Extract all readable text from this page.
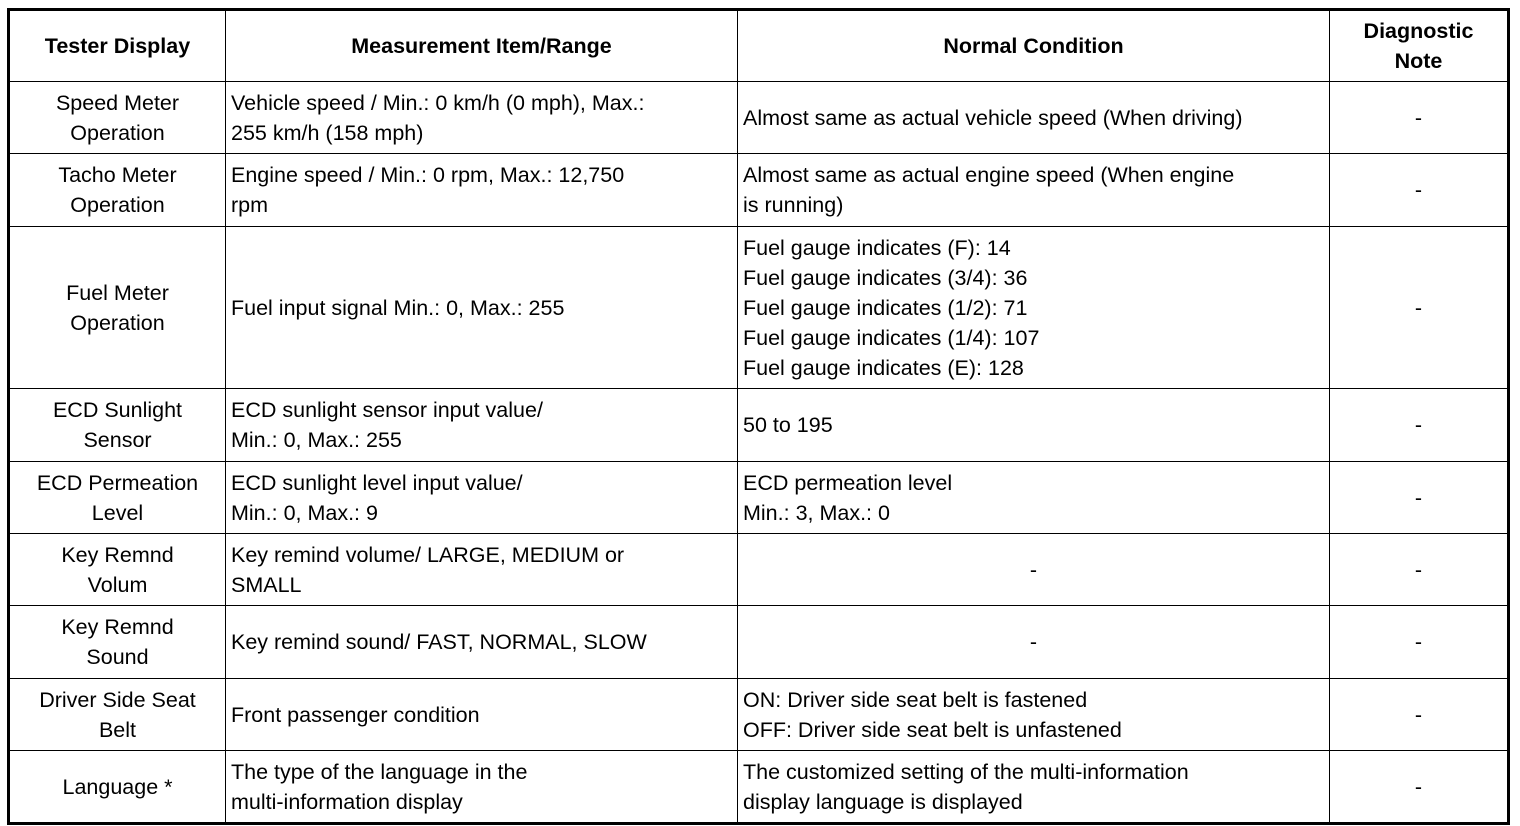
Tester Display	Measurement Item/Range	Normal Condition	Diagnostic
Note
Speed Meter
Operation	Vehicle speed / Min.: 0 km/h (0 mph), Max.:
255 km/h (158 mph)	Almost same as actual vehicle speed (When driving)	-
Tacho Meter
Operation	Engine speed / Min.: 0 rpm, Max.: 12,750
rpm	Almost same as actual engine speed (When engine
is running)	-
Fuel Meter
Operation	Fuel input signal Min.: 0, Max.: 255	Fuel gauge indicates (F): 14
Fuel gauge indicates (3/4): 36
Fuel gauge indicates (1/2): 71
Fuel gauge indicates (1/4): 107
Fuel gauge indicates (E): 128	-
ECD Sunlight
Sensor	ECD sunlight sensor input value/
Min.: 0, Max.: 255	50 to 195	-
ECD Permeation
Level	ECD sunlight level input value/
Min.: 0, Max.: 9	ECD permeation level
Min.: 3, Max.: 0	-
Key Remnd
Volum	Key remind volume/ LARGE, MEDIUM or
SMALL	-	-
Key Remnd
Sound	Key remind sound/ FAST, NORMAL, SLOW	-	-
Driver Side Seat
Belt	Front passenger condition	ON: Driver side seat belt is fastened
OFF: Driver side seat belt is unfastened	-
Language *	The type of the language in the
multi-information display	The customized setting of the multi-information
display language is displayed	-
